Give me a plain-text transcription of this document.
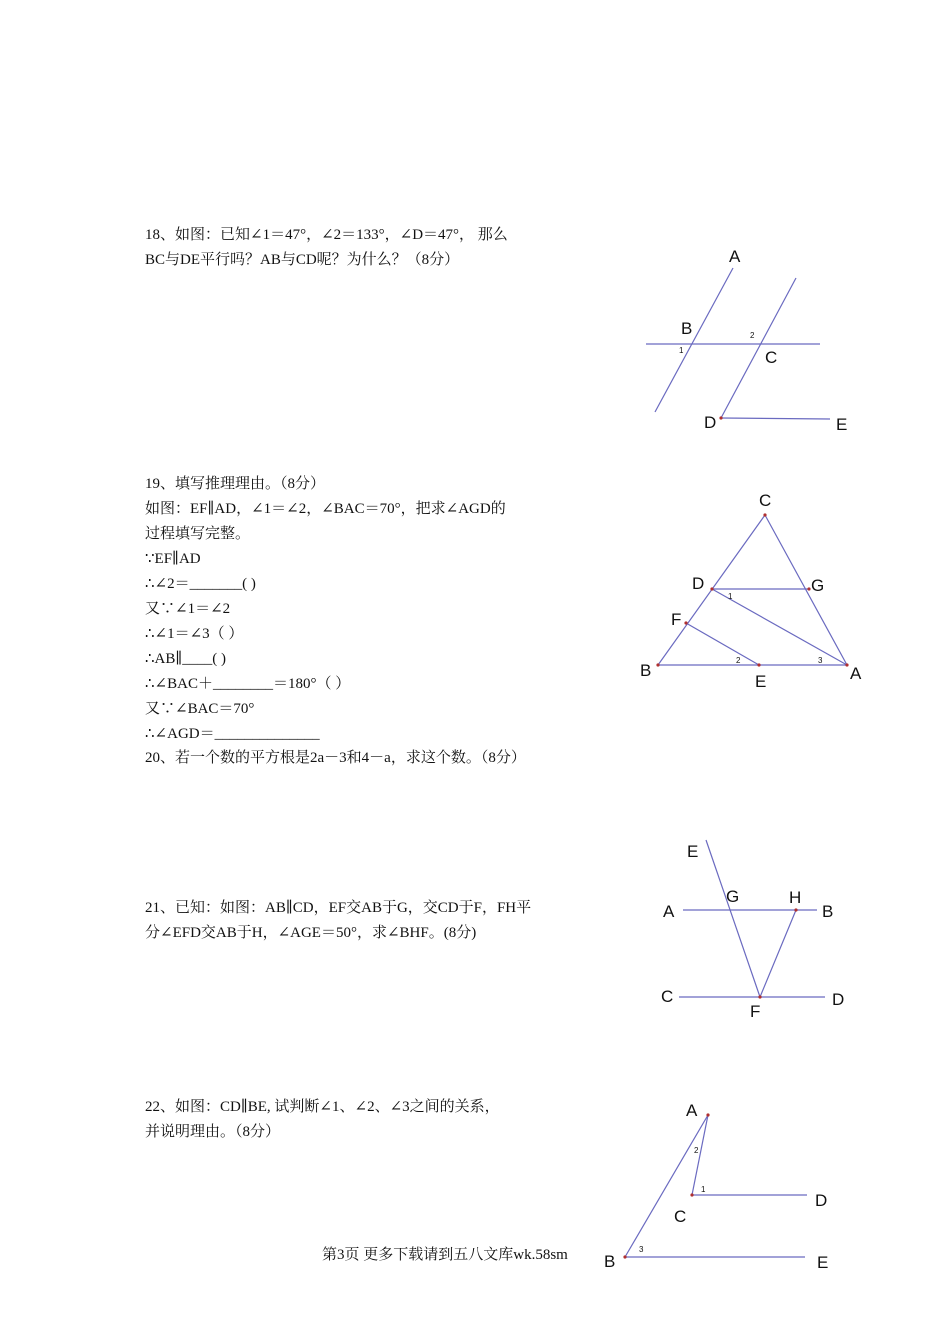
18、如图：已知∠1＝47°，∠2＝133°，∠D＝47°， 那么
BC与DE平行吗？AB与CD呢？为什么？（8分）	A
B
C
D	E
1
2
19、填写推理理由。（8分）
如图：EF∥AD，∠1＝∠2，∠BAC＝70°，把求∠AGD的
过程填写完整。
∵EF∥AD
∴∠2＝_______( )
又∵∠1＝∠2
∴∠1＝∠3（ ）
∴AB∥____( )
∴∠BAC＋________＝180°（ ）
又∵∠BAC＝70°
∴∠AGD＝______________
C
D	G
F
B
E	A
1
2	3
20、若一个数的平方根是2a－3和4－a，求这个数。（8分）
21、已知：如图：AB∥CD，EF交AB于G，交CD于F，FH平
分∠EFD交AB于H，∠AGE＝50°，求∠BHF。(8分)
E
A
G	H
B
C	D
F
22、如图：CD∥BE, 试判断∠1、∠2、∠3之间的关系，
并说明理由。（8分）
A
C
D
B	E
1
2
3
第3页 更多下载请到五八文库wk.58sm
